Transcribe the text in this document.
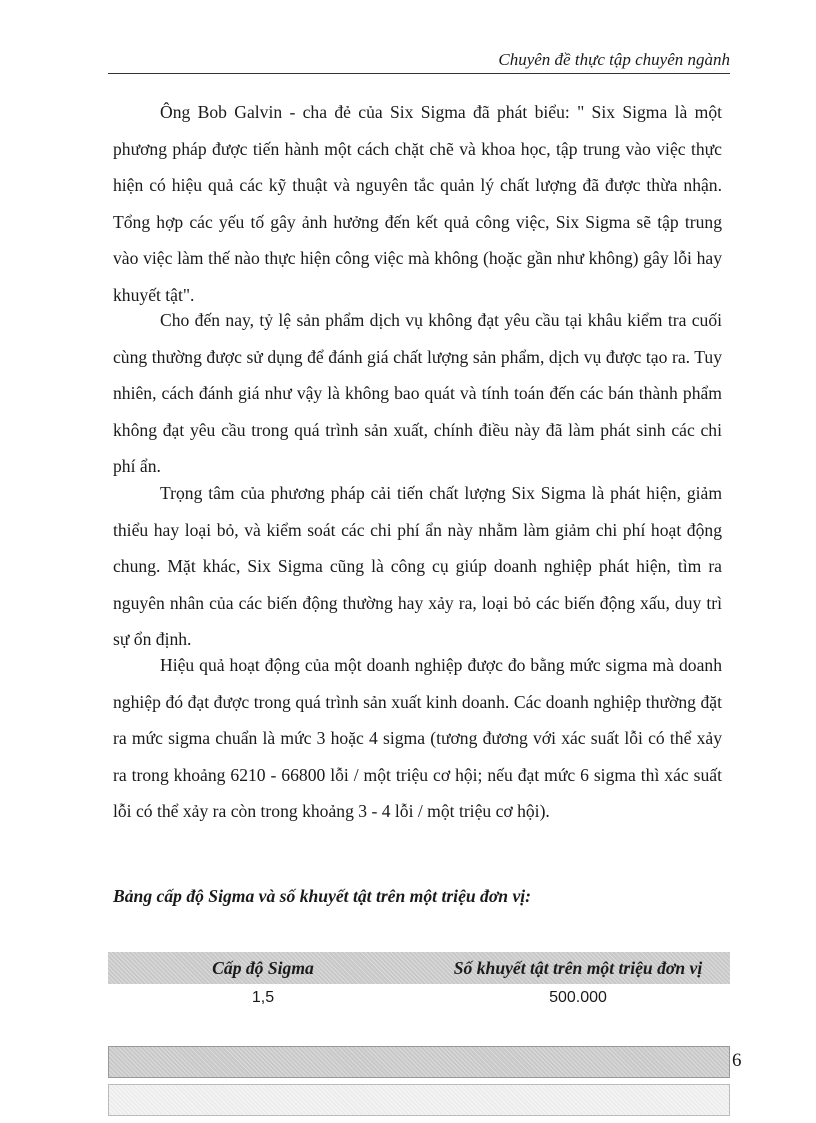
Chuyên đề thực tập chuyên ngành

Ông Bob Galvin - cha đẻ của Six Sigma đã phát biểu: " Six Sigma là một phương pháp được tiến hành một cách chặt chẽ và khoa học, tập trung vào việc thực hiện có hiệu quả các kỹ thuật và nguyên tắc quản lý chất lượng đã được thừa nhận. Tổng hợp các yếu tố gây ảnh hưởng đến kết quả công việc, Six Sigma sẽ tập trung vào việc làm thế nào thực hiện công việc mà không (hoặc gần như không) gây lỗi hay khuyết tật".

Cho đến nay, tỷ lệ sản phẩm dịch vụ không đạt yêu cầu tại khâu kiểm tra cuối cùng thường được sử dụng để đánh giá chất lượng sản phẩm, dịch vụ được tạo ra. Tuy nhiên, cách đánh giá như vậy là không bao quát và tính toán đến các bán thành phẩm không đạt yêu cầu trong quá trình sản xuất, chính điều này đã làm phát sinh các chi phí ẩn.

Trọng tâm của phương pháp cải tiến chất lượng Six Sigma là phát hiện, giảm thiểu hay loại bỏ, và kiểm soát các chi phí ẩn này nhằm làm giảm chi phí hoạt động chung. Mặt khác, Six Sigma cũng là công cụ giúp doanh nghiệp phát hiện, tìm ra nguyên nhân của các biến động thường hay xảy ra, loại bỏ các biến động xấu, duy trì sự ổn định.

Hiệu quả hoạt động của một doanh nghiệp được đo bằng mức sigma mà doanh nghiệp đó đạt được trong quá trình sản xuất kinh doanh. Các doanh nghiệp thường đặt ra mức sigma chuẩn là mức 3 hoặc 4 sigma (tương đương với xác suất lỗi có thể xảy ra trong khoảng 6210 - 66800 lỗi / một triệu cơ hội; nếu đạt mức 6 sigma thì xác suất lỗi có thể xảy ra còn trong khoảng 3 - 4 lỗi / một triệu cơ hội).

Bảng cấp độ Sigma và số khuyết tật trên một triệu đơn vị:

Cấp độ Sigma	Số khuyết tật trên một triệu đơn vị
1,5	500.000
6
